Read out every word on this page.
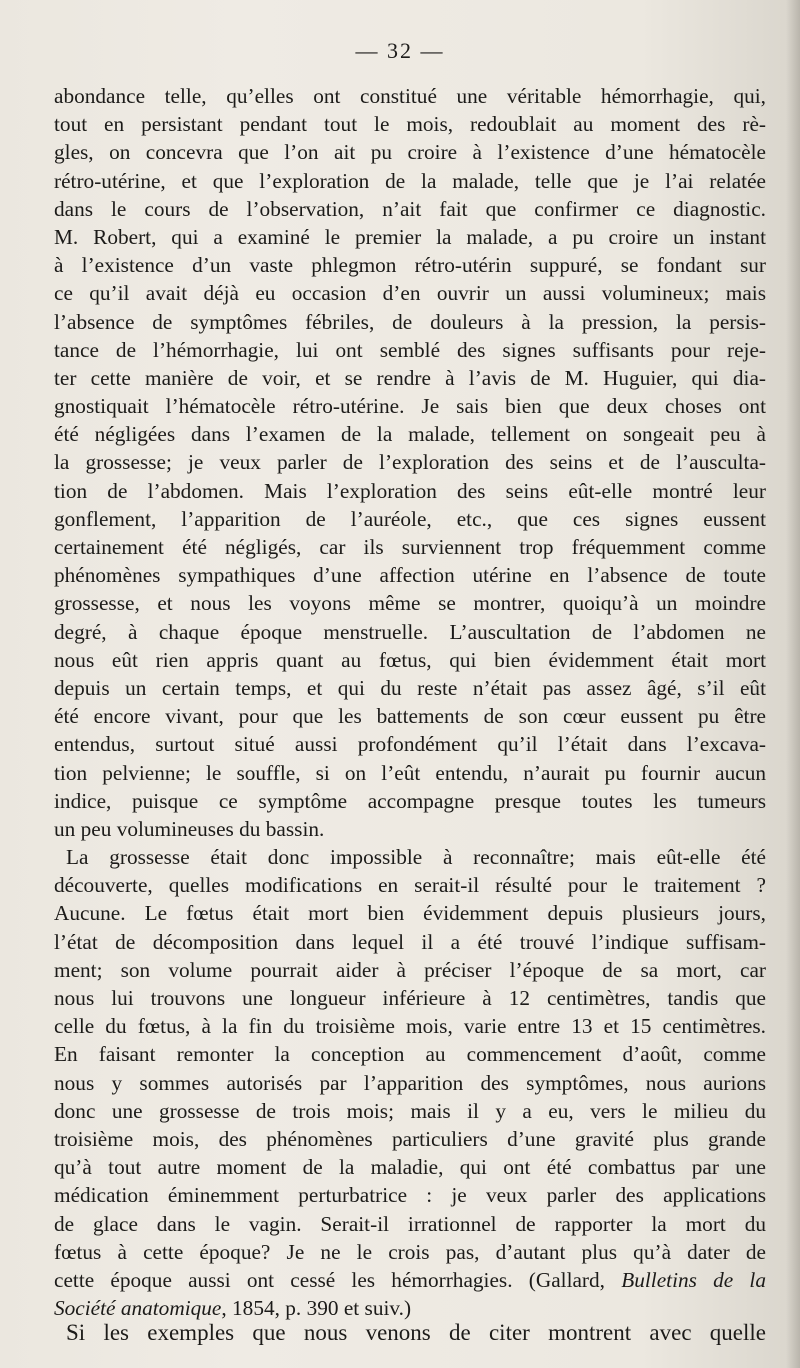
— 32 —
abondance telle, qu’elles ont constitué une véritable hémorrhagie, qui,
tout en persistant pendant tout le mois, redoublait au moment des rè-
gles, on concevra que l’on ait pu croire à l’existence d’une hématocèle
rétro-utérine, et que l’exploration de la malade, telle que je l’ai relatée
dans le cours de l’observation, n’ait fait que confirmer ce diagnostic.
M. Robert, qui a examiné le premier la malade, a pu croire un instant
à l’existence d’un vaste phlegmon rétro-utérin suppuré, se fondant sur
ce qu’il avait déjà eu occasion d’en ouvrir un aussi volumineux; mais
l’absence de symptômes fébriles, de douleurs à la pression, la persis-
tance de l’hémorrhagie, lui ont semblé des signes suffisants pour reje-
ter cette manière de voir, et se rendre à l’avis de M. Huguier, qui dia-
gnostiquait l’hématocèle rétro-utérine. Je sais bien que deux choses ont
été négligées dans l’examen de la malade, tellement on songeait peu à
la grossesse; je veux parler de l’exploration des seins et de l’ausculta-
tion de l’abdomen. Mais l’exploration des seins eût-elle montré leur
gonflement, l’apparition de l’auréole, etc., que ces signes eussent
certainement été négligés, car ils surviennent trop fréquemment comme
phénomènes sympathiques d’une affection utérine en l’absence de toute
grossesse, et nous les voyons même se montrer, quoiqu’à un moindre
degré, à chaque époque menstruelle. L’auscultation de l’abdomen ne
nous eût rien appris quant au fœtus, qui bien évidemment était mort
depuis un certain temps, et qui du reste n’était pas assez âgé, s’il eût
été encore vivant, pour que les battements de son cœur eussent pu être
entendus, surtout situé aussi profondément qu’il l’était dans l’excava-
tion pelvienne; le souffle, si on l’eût entendu, n’aurait pu fournir aucun
indice, puisque ce symptôme accompagne presque toutes les tumeurs
un peu volumineuses du bassin.
La grossesse était donc impossible à reconnaître; mais eût-elle été
découverte, quelles modifications en serait-il résulté pour le traitement ?
Aucune. Le fœtus était mort bien évidemment depuis plusieurs jours,
l’état de décomposition dans lequel il a été trouvé l’indique suffisam-
ment; son volume pourrait aider à préciser l’époque de sa mort, car
nous lui trouvons une longueur inférieure à 12 centimètres, tandis que
celle du fœtus, à la fin du troisième mois, varie entre 13 et 15 centimètres.
En faisant remonter la conception au commencement d’août, comme
nous y sommes autorisés par l’apparition des symptômes, nous aurions
donc une grossesse de trois mois; mais il y a eu, vers le milieu du
troisième mois, des phénomènes particuliers d’une gravité plus grande
qu’à tout autre moment de la maladie, qui ont été combattus par une
médication éminemment perturbatrice : je veux parler des applications
de glace dans le vagin. Serait-il irrationnel de rapporter la mort du
fœtus à cette époque? Je ne le crois pas, d’autant plus qu’à dater de
cette époque aussi ont cessé les hémorrhagies. (Gallard, Bulletins de la
Société anatomique, 1854, p. 390 et suiv.)
Si les exemples que nous venons de citer montrent avec quelle
